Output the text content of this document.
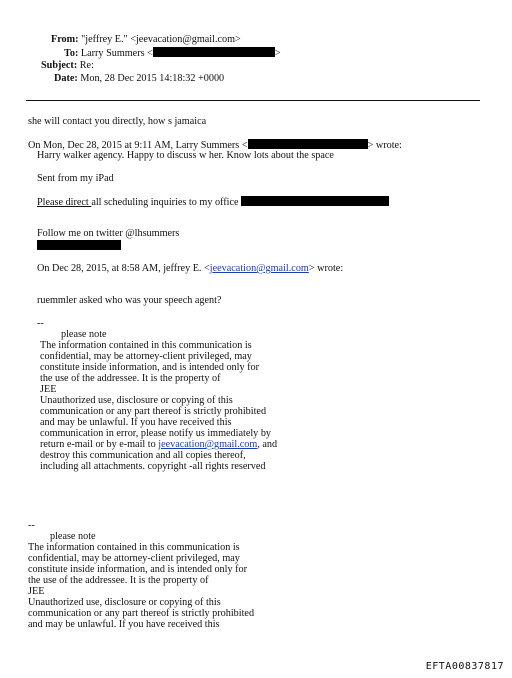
From: "jeffrey E." <jeevacation@gmail.com>
To: Larry Summers <	>
Subject: Re:
Date: Mon, 28 Dec 2015 14:18:32 +0000
she will contact you directly, how s jamaica
On Mon, Dec 28, 2015 at 9:11 AM, Larry Summers <	> wrote:
Harry walker agency. Happy to discuss w her. Know lots about the space
Sent from my iPad
Please direct all scheduling inquiries to my office
Follow me on twitter @lhsummers
On Dec 28, 2015, at 8:58 AM, jeffrey E. <jeevacation@gmail.com> wrote:
ruemmler asked who was your speech agent?
--
please note
The information contained in this communication is
confidential, may be attorney-client privileged, may
constitute inside information, and is intended only for
the use of the addressee. It is the property of
JEE
Unauthorized use, disclosure or copying of this
communication or any part thereof is strictly prohibited
and may be unlawful. If you have received this
communication in error, please notify us immediately by
return e-mail or by e-mail to jeevacation@gmail.com, and
destroy this communication and all copies thereof,
including all attachments. copyright -all rights reserved
--
please note
The information contained in this communication is
confidential, may be attorney-client privileged, may
constitute inside information, and is intended only for
the use of the addressee. It is the property of
JEE
Unauthorized use, disclosure or copying of this
communication or any part thereof is strictly prohibited
and may be unlawful. If you have received this
EFTA00837817
